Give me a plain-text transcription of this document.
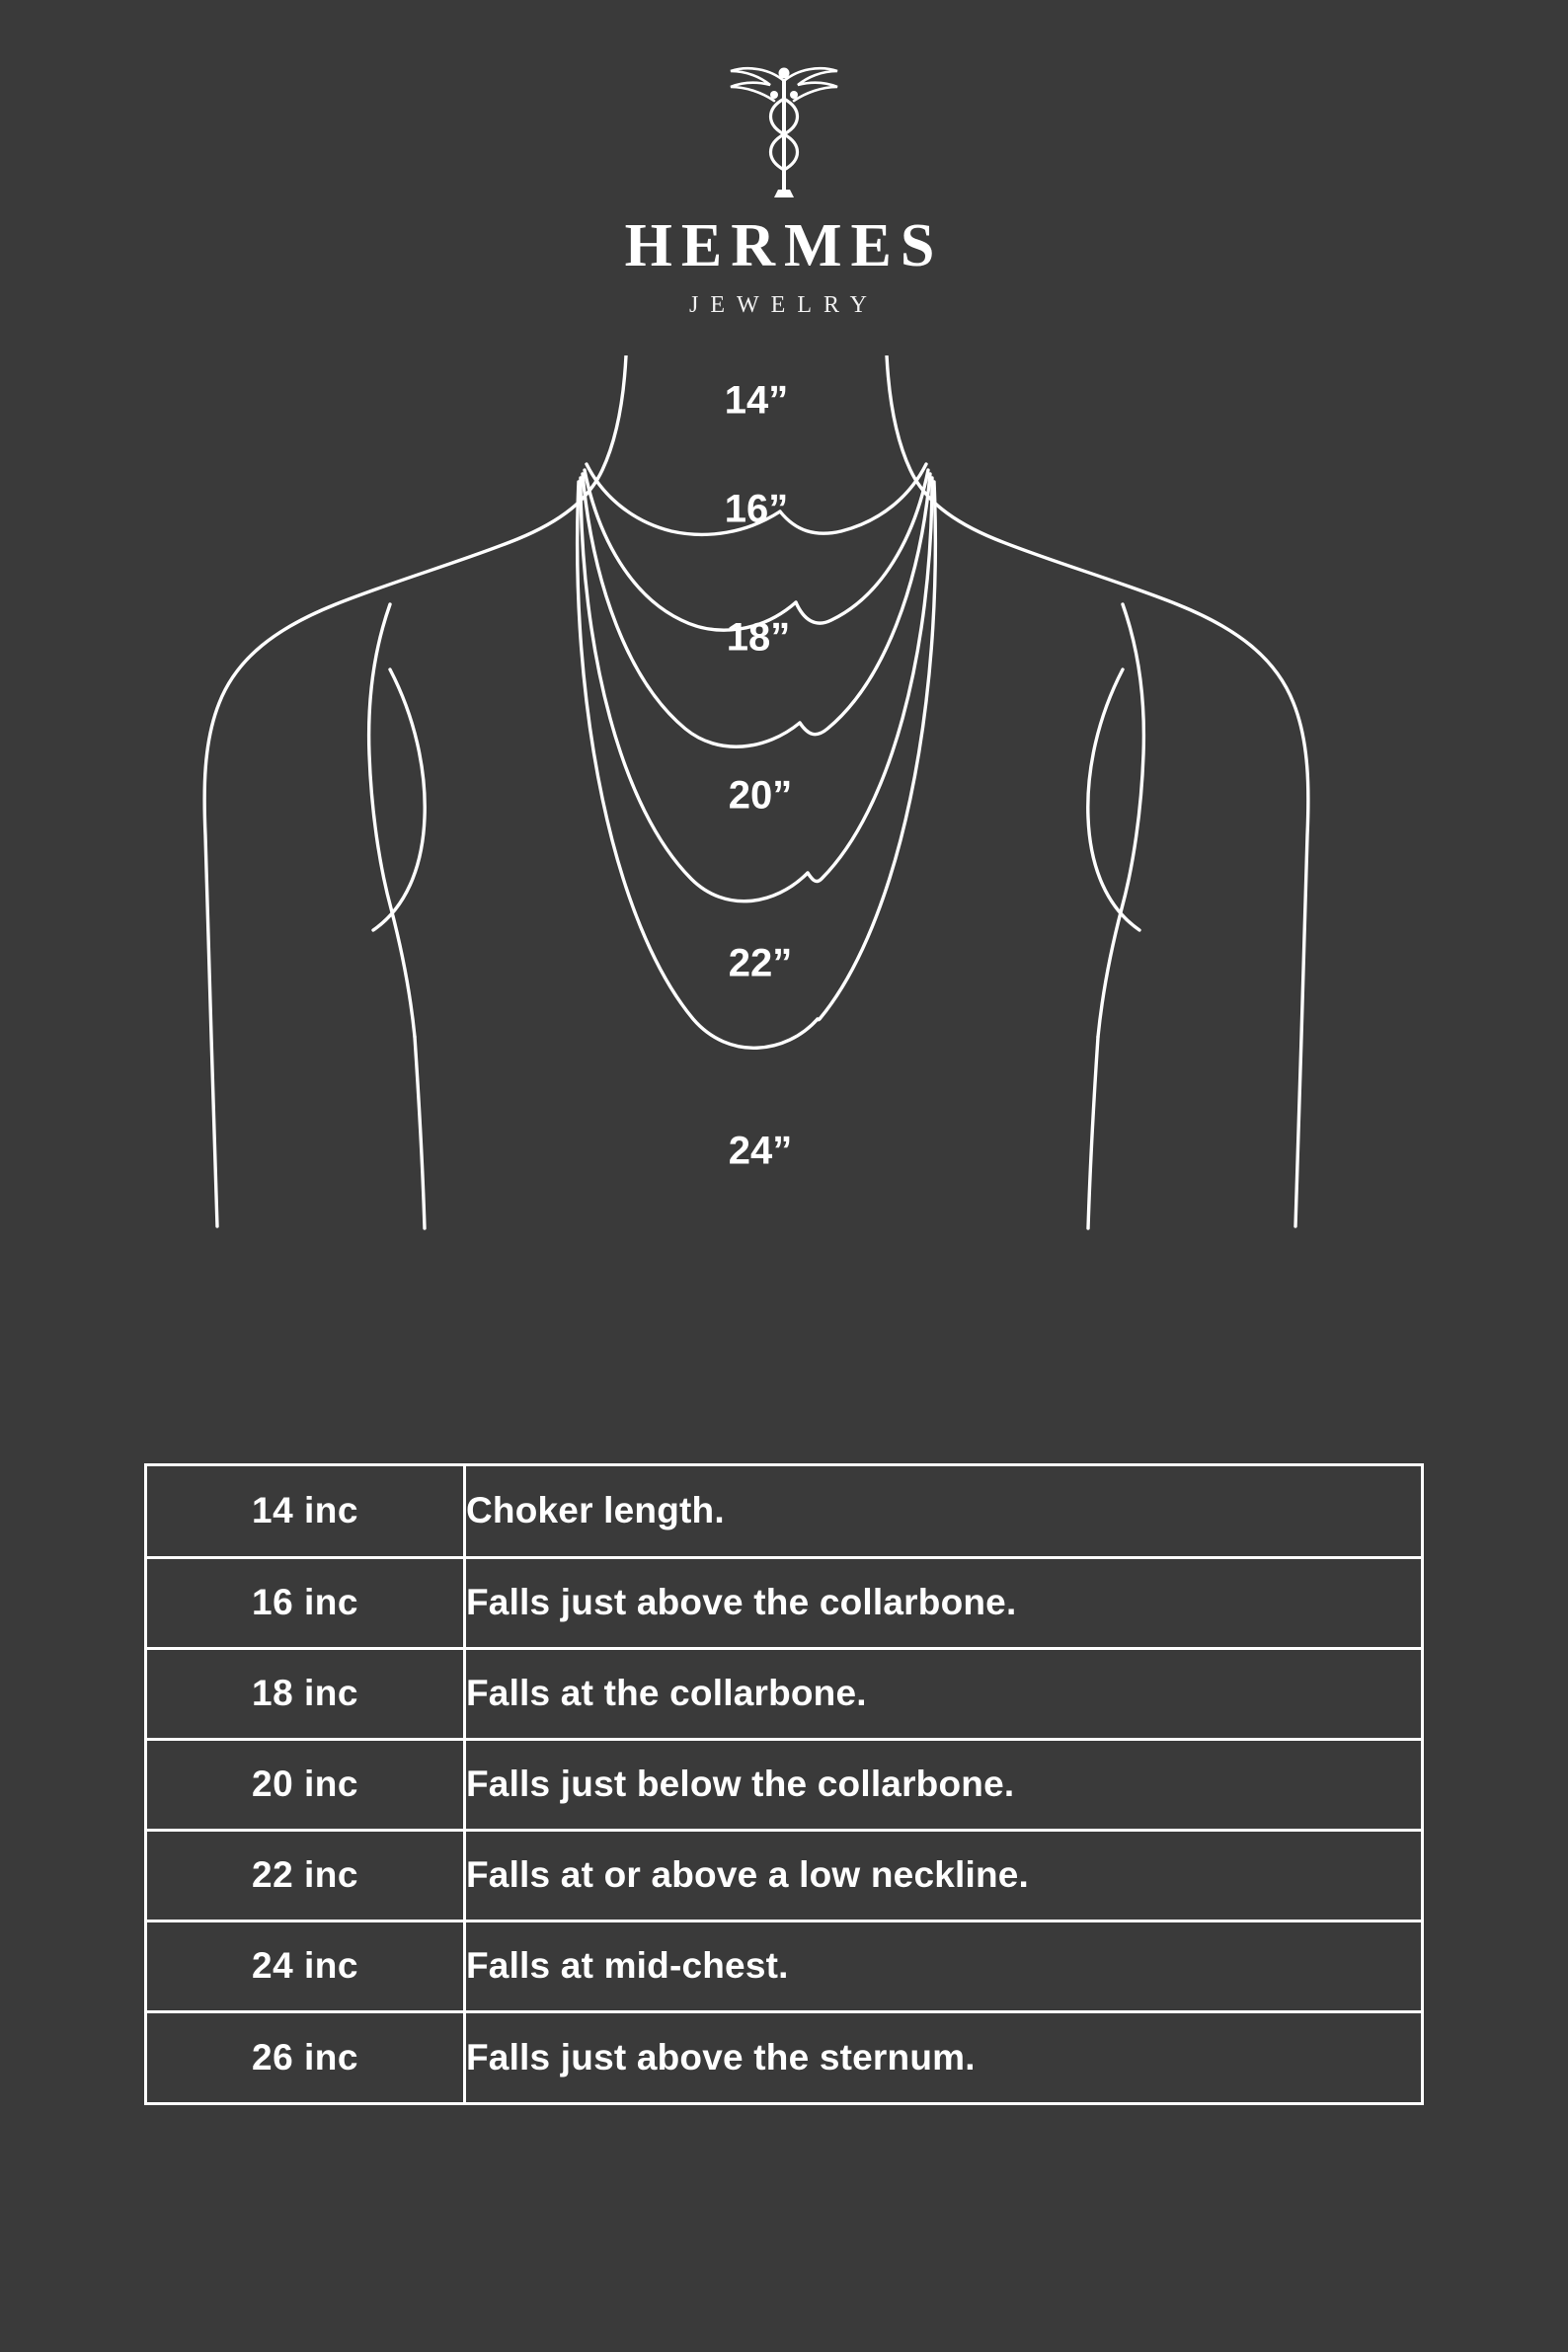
HERMES
JEWELRY
14”
16”
18”
20”
22”
24”
14 inc	Choker length.
16 inc	Falls just above the collarbone.
18 inc	Falls at the collarbone.
20 inc	Falls just below the collarbone.
22 inc	Falls at or above a low neckline.
24 inc	Falls at mid-chest.
26 inc	Falls just above the sternum.
